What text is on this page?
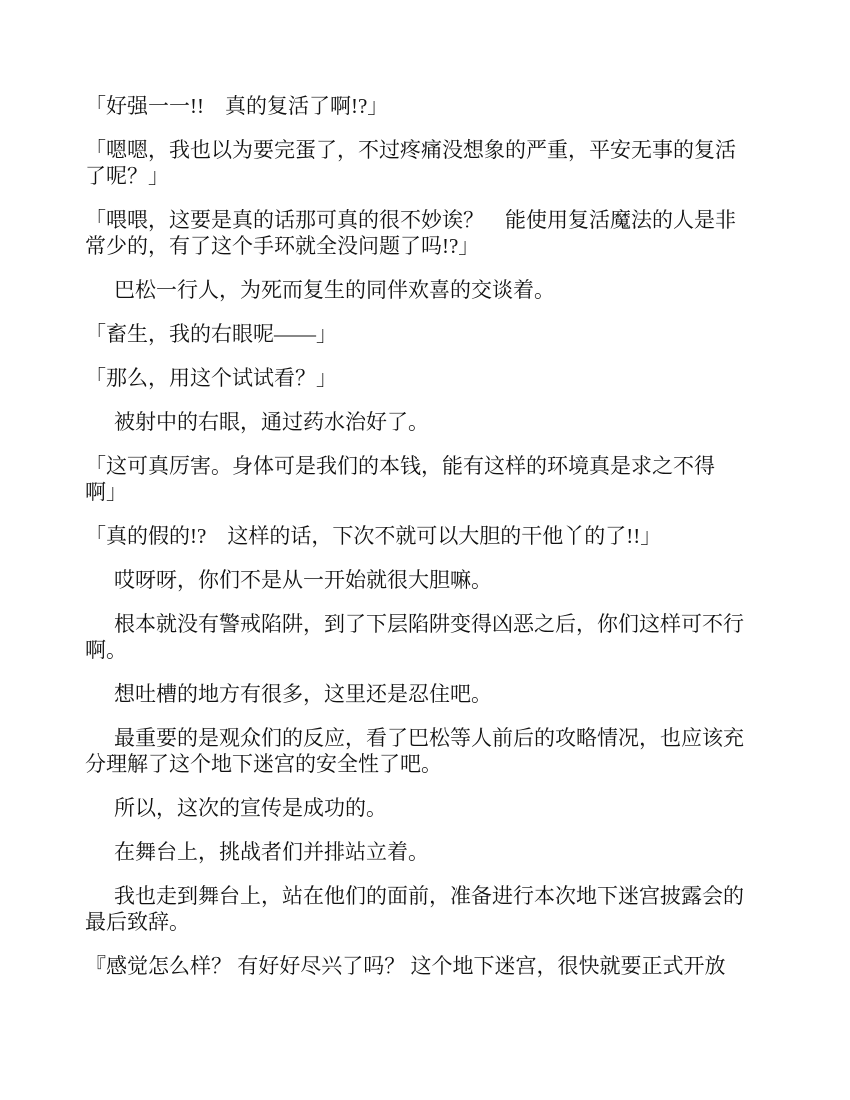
「好强一一!!　真的复活了啊!?」

「嗯嗯，我也以为要完蛋了，不过疼痛没想象的严重，平安无事的复活了呢？」

「喂喂，这要是真的话那可真的很不妙诶？　能使用复活魔法的人是非常少的，有了这个手环就全没问题了吗!?」

巴松一行人，为死而复生的同伴欢喜的交谈着。

「畜生，我的右眼呢——」

「那么，用这个试试看？」

被射中的右眼，通过药水治好了。

「这可真厉害。身体可是我们的本钱，能有这样的环境真是求之不得啊」

「真的假的!?　这样的话，下次不就可以大胆的干他丫的了!!」

哎呀呀，你们不是从一开始就很大胆嘛。

根本就没有警戒陷阱，到了下层陷阱变得凶恶之后，你们这样可不行啊。

想吐槽的地方有很多，这里还是忍住吧。

最重要的是观众们的反应，看了巴松等人前后的攻略情况，也应该充分理解了这个地下迷宫的安全性了吧。

所以，这次的宣传是成功的。

在舞台上，挑战者们并排站立着。

我也走到舞台上，站在他们的面前，准备进行本次地下迷宫披露会的最后致辞。

『感觉怎么样？ 有好好尽兴了吗？ 这个地下迷宫，很快就要正式开放
